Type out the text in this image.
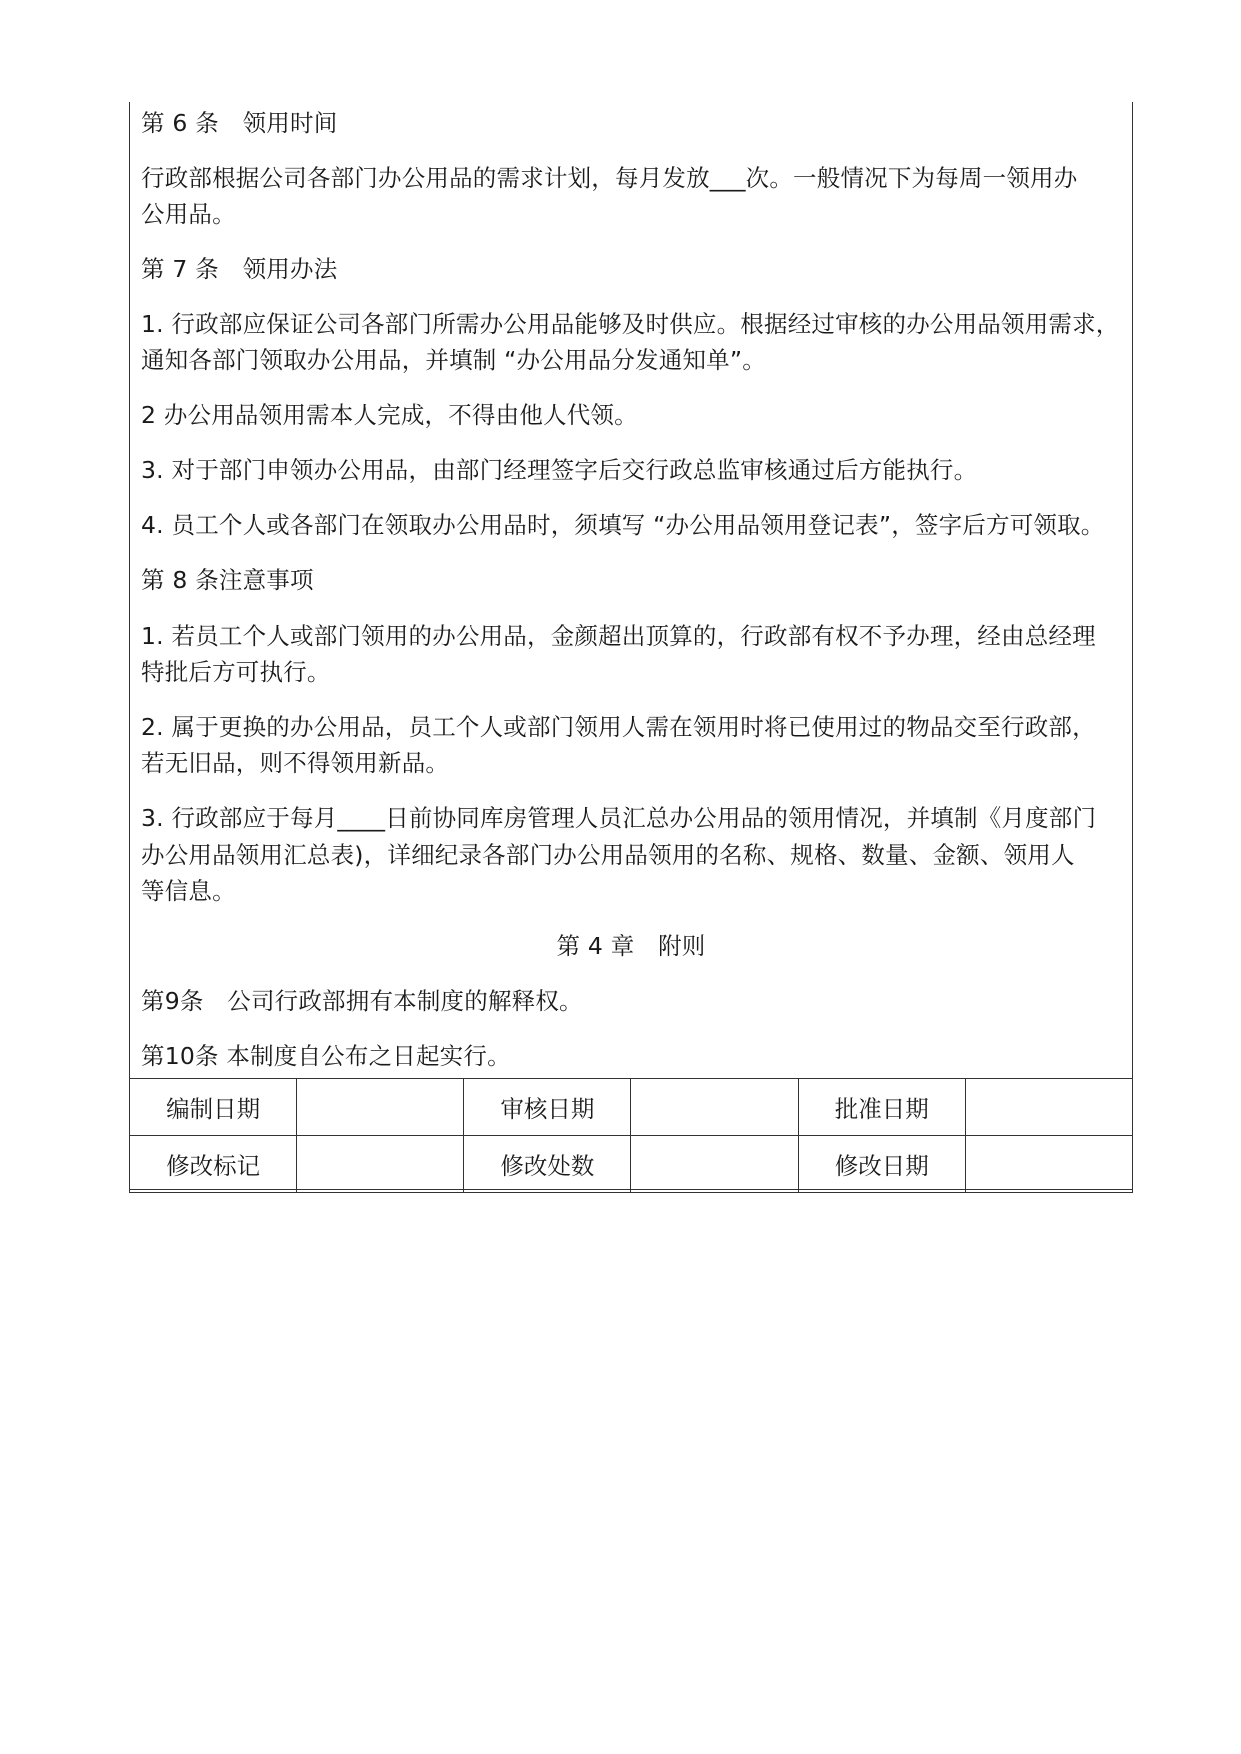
第 6 条　领用时间
行政部根据公司各部门办公用品的需求计划，每月发放___次。一般情况下为每周一领用办
公用品。
第 7 条　领用办法
1. 行政部应保证公司各部门所需办公用品能够及时供应。根据经过审核的办公用品领用需求，
通知各部门领取办公用品，并填制 “办公用品分发通知单”。
2 办公用品领用需本人完成，不得由他人代领。
3. 对于部门申领办公用品，由部门经理签字后交行政总监审核通过后方能执行。
4. 员工个人或各部门在领取办公用品时，须填写 “办公用品领用登记表”，签字后方可领取。
第 8 条注意事项
1. 若员工个人或部门领用的办公用品，金颜超出顶算的，行政部有权不予办理，经由总经理
特批后方可执行。
2. 属于更换的办公用品，员工个人或部门领用人需在领用时将已使用过的物品交至行政部，
若无旧品，则不得领用新品。
3. 行政部应于每月____日前协同库房管理人员汇总办公用品的领用情况，并填制《月度部门
办公用品领用汇总表)，详细纪录各部门办公用品领用的名称、规格、数量、金额、领用人
等信息。
第 4 章　附则
第9条　公司行政部拥有本制度的解释权。
第10条 本制度自公布之日起实行。
编制日期		审核日期		批准日期	
修改标记		修改处数		修改日期	
